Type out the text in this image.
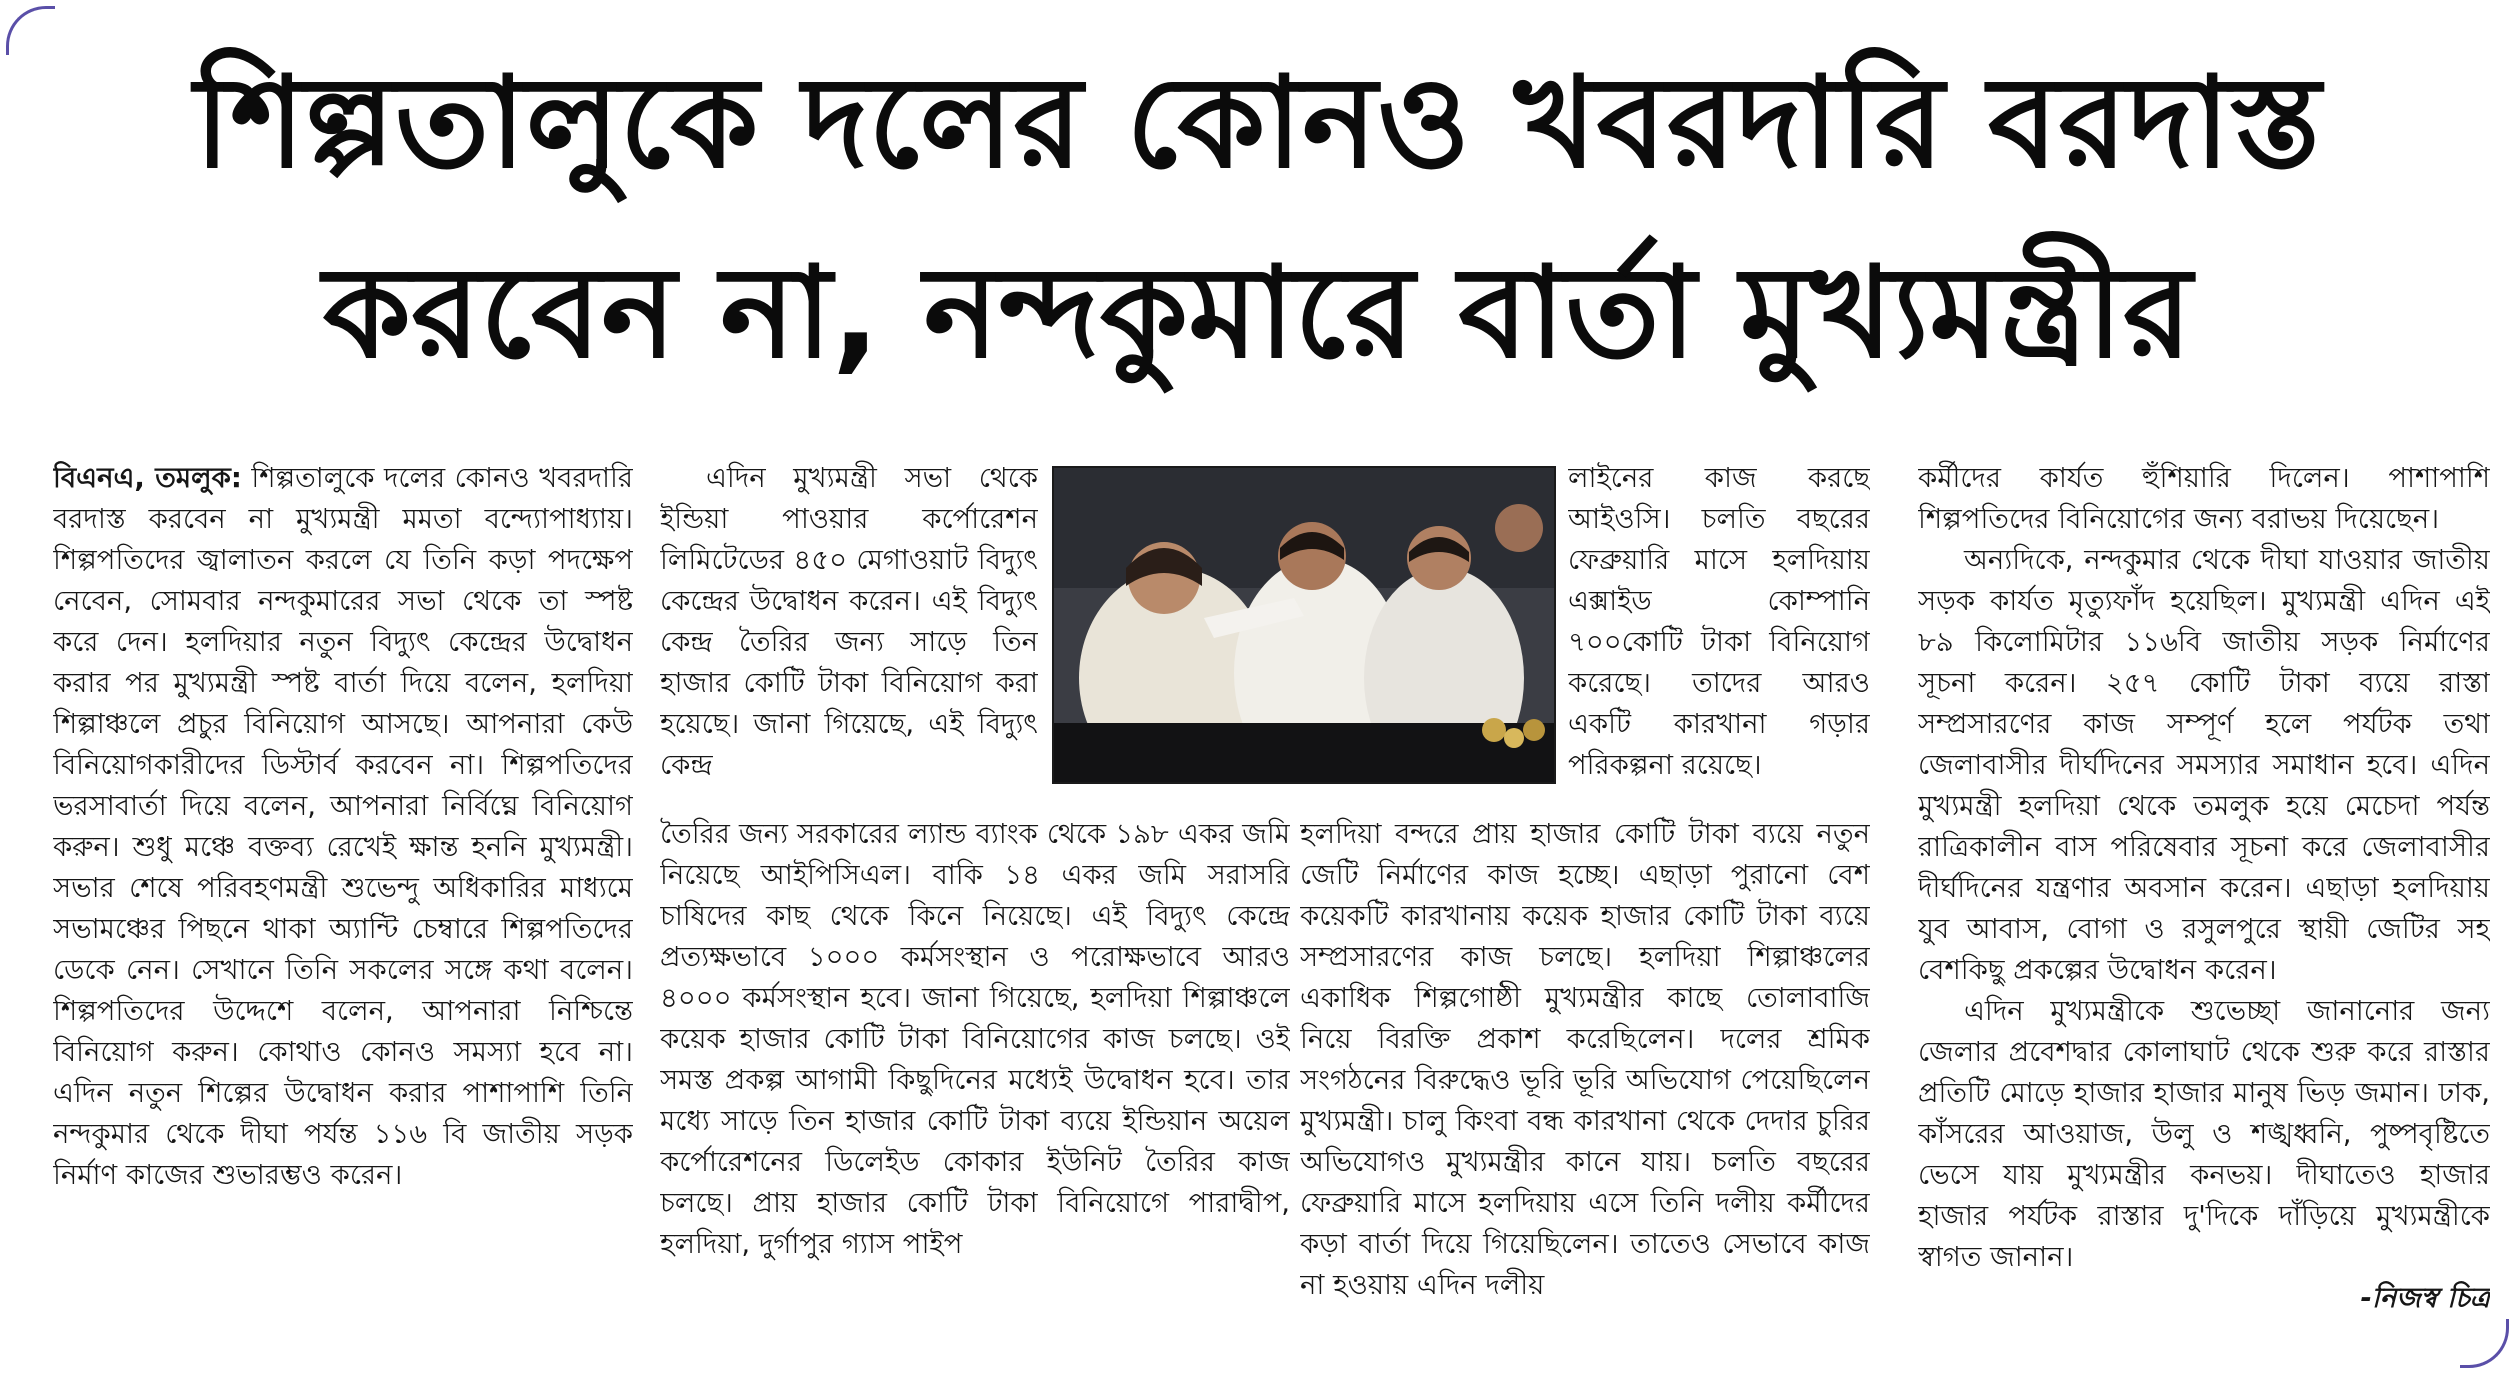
শিল্পতালুকে দলের কোনও খবরদারি বরদাস্ত
করবেন না, নন্দকুমারে বার্তা মুখ্যমন্ত্রীর

বিএনএ, তমলুক: শিল্পতালুকে দলের কোনও খবরদারি বরদাস্ত করবেন না মুখ্যমন্ত্রী মমতা বন্দ্যোপাধ্যায়। শিল্পপতিদের জ্বালাতন করলে যে তিনি কড়া পদক্ষেপ নেবেন, সোমবার নন্দকুমারের সভা থেকে তা স্পষ্ট করে দেন। হলদিয়ার নতুন বিদ্যুৎ কেন্দ্রের উদ্বোধন করার পর মুখ্যমন্ত্রী স্পষ্ট বার্তা দিয়ে বলেন, হলদিয়া শিল্পাঞ্চলে প্রচুর বিনিয়োগ আসছে। আপনারা কেউ বিনিয়োগকারীদের ডিস্টার্ব করবেন না। শিল্পপতিদের ভরসাবার্তা দিয়ে বলেন, আপনারা নির্বিঘ্নে বিনিয়োগ করুন। শুধু মঞ্চে বক্তব্য রেখেই ক্ষান্ত হননি মুখ্যমন্ত্রী। সভার শেষে পরিবহণমন্ত্রী শুভেন্দু অধিকারির মাধ্যমে সভামঞ্চের পিছনে থাকা অ্যান্টি চেম্বারে শিল্পপতিদের ডেকে নেন। সেখানে তিনি সকলের সঙ্গে কথা বলেন। শিল্পপতিদের উদ্দেশে বলেন, আপনারা নিশ্চিন্তে বিনিয়োগ করুন। কোথাও কোনও সমস্যা হবে না। এদিন নতুন শিল্পের উদ্বোধন করার পাশাপাশি তিনি নন্দকুমার থেকে দীঘা পর্যন্ত ১১৬ বি জাতীয় সড়ক নির্মাণ কাজের শুভারম্ভও করেন।

এদিন মুখ্যমন্ত্রী সভা থেকে ইন্ডিয়া পাওয়ার কর্পোরেশন লিমিটেডের ৪৫০ মেগাওয়াট বিদ্যুৎ কেন্দ্রের উদ্বোধন করেন। এই বিদ্যুৎ কেন্দ্র তৈরির জন্য সাড়ে তিন হাজার কোটি টাকা বিনিয়োগ করা হয়েছে। জানা গিয়েছে, এই বিদ্যুৎ কেন্দ্র

তৈরির জন্য সরকারের ল্যান্ড ব্যাংক থেকে ১৯৮ একর জমি নিয়েছে আইপিসিএল। বাকি ১৪ একর জমি সরাসরি চাষিদের কাছ থেকে কিনে নিয়েছে। এই বিদ্যুৎ কেন্দ্রে প্রত্যক্ষভাবে ১০০০ কর্মসংস্থান ও পরোক্ষভাবে আরও ৪০০০ কর্মসংস্থান হবে। জানা গিয়েছে, হলদিয়া শিল্পাঞ্চলে কয়েক হাজার কোটি টাকা বিনিয়োগের কাজ চলছে। ওই সমস্ত প্রকল্প আগামী কিছুদিনের মধ্যেই উদ্বোধন হবে। তার মধ্যে সাড়ে তিন হাজার কোটি টাকা ব্যয়ে ইন্ডিয়ান অয়েল কর্পোরেশনের ডিলেইড কোকার ইউনিট তৈরির কাজ চলছে। প্রায় হাজার কোটি টাকা বিনিয়োগে পারাদ্বীপ, হলদিয়া, দুর্গাপুর গ্যাস পাইপ

লাইনের কাজ করছে আইওসি। চলতি বছরের ফেব্রুয়ারি মাসে হলদিয়ায় এক্সাইড কোম্পানি ৭০০কোটি টাকা বিনিয়োগ করেছে। তাদের আরও একটি কারখানা গড়ার পরিকল্পনা রয়েছে।

হলদিয়া বন্দরে প্রায় হাজার কোটি টাকা ব্যয়ে নতুন জেটি নির্মাণের কাজ হচ্ছে। এছাড়া পুরানো বেশ কয়েকটি কারখানায় কয়েক হাজার কোটি টাকা ব্যয়ে সম্প্রসারণের কাজ চলছে। হলদিয়া শিল্পাঞ্চলের একাধিক শিল্পগোষ্ঠী মুখ্যমন্ত্রীর কাছে তোলাবাজি নিয়ে বিরক্তি প্রকাশ করেছিলেন। দলের শ্রমিক সংগঠনের বিরুদ্ধেও ভূরি ভূরি অভিযোগ পেয়েছিলেন মুখ্যমন্ত্রী। চালু কিংবা বন্ধ কারখানা থেকে দেদার চুরির অভিযোগও মুখ্যমন্ত্রীর কানে যায়। চলতি বছরের ফেব্রুয়ারি মাসে হলদিয়ায় এসে তিনি দলীয় কর্মীদের কড়া বার্তা দিয়ে গিয়েছিলেন। তাতেও সেভাবে কাজ না হওয়ায় এদিন দলীয়

কর্মীদের কার্যত হুঁশিয়ারি দিলেন। পাশাপাশি শিল্পপতিদের বিনিয়োগের জন্য বরাভয় দিয়েছেন।

অন্যদিকে, নন্দকুমার থেকে দীঘা যাওয়ার জাতীয় সড়ক কার্যত মৃত্যুফাঁদ হয়েছিল। মুখ্যমন্ত্রী এদিন এই ৮৯ কিলোমিটার ১১৬বি জাতীয় সড়ক নির্মাণের সূচনা করেন। ২৫৭ কোটি টাকা ব্যয়ে রাস্তা সম্প্রসারণের কাজ সম্পূর্ণ হলে পর্যটক তথা জেলাবাসীর দীর্ঘদিনের সমস্যার সমাধান হবে। এদিন মুখ্যমন্ত্রী হলদিয়া থেকে তমলুক হয়ে মেচেদা পর্যন্ত রাত্রিকালীন বাস পরিষেবার সূচনা করে জেলাবাসীর দীর্ঘদিনের যন্ত্রণার অবসান করেন। এছাড়া হলদিয়ায় যুব আবাস, বোগা ও রসুলপুরে স্থায়ী জেটির সহ বেশকিছু প্রকল্পের উদ্বোধন করেন।

এদিন মুখ্যমন্ত্রীকে শুভেচ্ছা জানানোর জন্য জেলার প্রবেশদ্বার কোলাঘাট থেকে শুরু করে রাস্তার প্রতিটি মোড়ে হাজার হাজার মানুষ ভিড় জমান। ঢাক, কাঁসরের আওয়াজ, উলু ও শঙ্খধ্বনি, পুষ্পবৃষ্টিতে ভেসে যায় মুখ্যমন্ত্রীর কনভয়। দীঘাতেও হাজার হাজার পর্যটক রাস্তার দু'দিকে দাঁড়িয়ে মুখ্যমন্ত্রীকে স্বাগত জানান।

-নিজস্ব চিত্র
